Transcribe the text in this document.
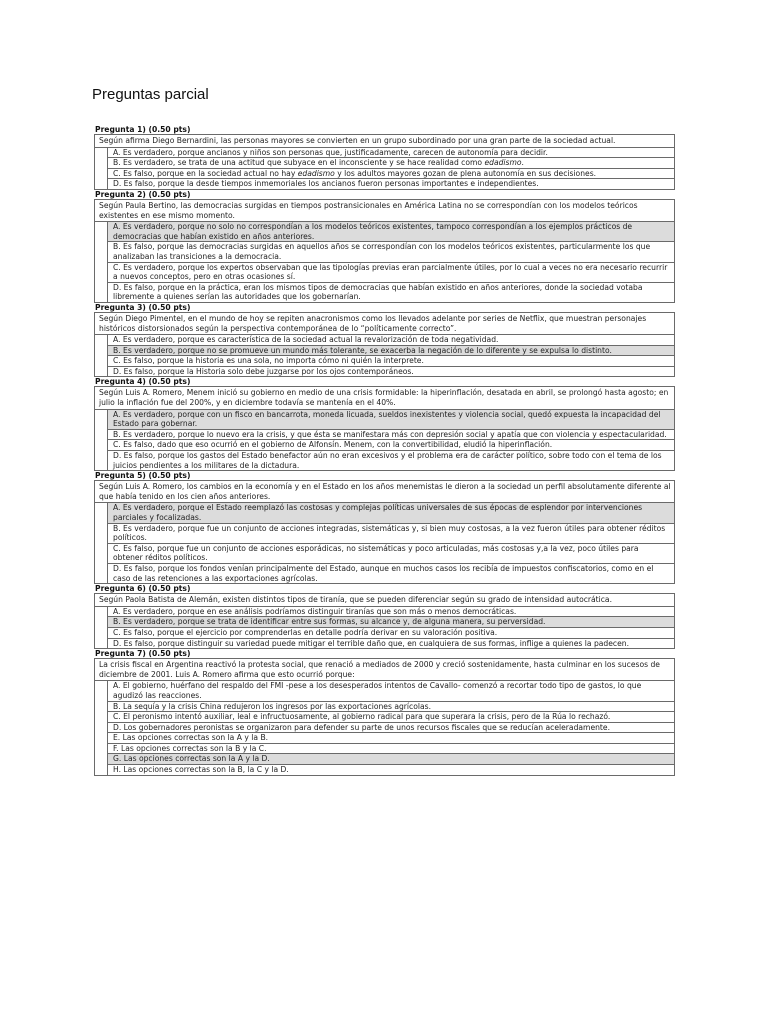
Preguntas parcial
Pregunta 1) (0.50 pts)
Según afirma Diego Bernardini, las personas mayores se convierten en un grupo subordinado por una gran parte de la sociedad actual.
A. Es verdadero, porque ancianos y niños son personas que, justificadamente, carecen de autonomía para decidir.
B. Es verdadero, se trata de una actitud que subyace en el inconsciente y se hace realidad como edadismo.
C. Es falso, porque en la sociedad actual no hay edadismo y los adultos mayores gozan de plena autonomía en sus decisiones.
D. Es falso, porque la desde tiempos inmemoriales los ancianos fueron personas importantes e independientes.
Pregunta 2) (0.50 pts)
Según Paula Bertino, las democracias surgidas en tiempos postransicionales en América Latina no se correspondían con los modelos teóricos existentes en ese mismo momento.
A. Es verdadero, porque no solo no correspondían a los modelos teóricos existentes, tampoco correspondían a los ejemplos prácticos de democracias que habían existido en años anteriores.
B. Es falso, porque las democracias surgidas en aquellos años se correspondían con los modelos teóricos existentes, particularmente los que analizaban las transiciones a la democracia.
C. Es verdadero, porque los expertos observaban que las tipologías previas eran parcialmente útiles, por lo cual a veces no era necesario recurrir a nuevos conceptos, pero en otras ocasiones sí.
D. Es falso, porque en la práctica, eran los mismos tipos de democracias que habían existido en años anteriores, donde la sociedad votaba libremente a quienes serían las autoridades que los gobernarían.
Pregunta 3) (0.50 pts)
Según Diego Pimentel, en el mundo de hoy se repiten anacronismos como los llevados adelante por series de Netflix, que muestran personajes históricos distorsionados según la perspectiva contemporánea de lo “políticamente correcto”.
A. Es verdadero, porque es característica de la sociedad actual la revalorización de toda negatividad.
B. Es verdadero, porque no se promueve un mundo más tolerante, se exacerba la negación de lo diferente y se expulsa lo distinto.
C. Es falso, porque la historia es una sola, no importa cómo ni quién la interprete.
D. Es falso, porque la Historia solo debe juzgarse por los ojos contemporáneos.
Pregunta 4) (0.50 pts)
Según Luis A. Romero, Menem inició su gobierno en medio de una crisis formidable: la hiperinflación, desatada en abril, se prolongó hasta agosto; en julio la inflación fue del 200%, y en diciembre todavía se mantenía en el 40%.
A. Es verdadero, porque con un fisco en bancarrota, moneda licuada, sueldos inexistentes y violencia social, quedó expuesta la incapacidad del Estado para gobernar.
B. Es verdadero, porque lo nuevo era la crisis, y que ésta se manifestara más con depresión social y apatía que con violencia y espectacularidad.
C. Es falso, dado que eso ocurrió en el gobierno de Alfonsín. Menem, con la convertibilidad, eludió la hiperinflación.
D. Es falso, porque los gastos del Estado benefactor aún no eran excesivos y el problema era de carácter político, sobre todo con el tema de los juicios pendientes a los militares de la dictadura.
Pregunta 5) (0.50 pts)
Según Luis A. Romero, los cambios en la economía y en el Estado en los años menemistas le dieron a la sociedad un perfil absolutamente diferente al que había tenido en los cien años anteriores.
A. Es verdadero, porque el Estado reemplazó las costosas y complejas políticas universales de sus épocas de esplendor por intervenciones parciales y focalizadas.
B. Es verdadero, porque fue un conjunto de acciones integradas, sistemáticas y, si bien muy costosas, a la vez fueron útiles para obtener réditos políticos.
C. Es falso, porque fue un conjunto de acciones esporádicas, no sistemáticas y poco articuladas, más costosas y,a la vez, poco útiles para obtener réditos políticos.
D. Es falso, porque los fondos venían principalmente del Estado, aunque en muchos casos los recibía de impuestos confiscatorios, como en el caso de las retenciones a las exportaciones agrícolas.
Pregunta 6) (0.50 pts)
Según Paola Batista de Alemán, existen distintos tipos de tiranía, que se pueden diferenciar según su grado de intensidad autocrática.
A. Es verdadero, porque en ese análisis podríamos distinguir tiranías que son más o menos democráticas.
B. Es verdadero, porque se trata de identificar entre sus formas, su alcance y, de alguna manera, su perversidad.
C. Es falso, porque el ejercicio por comprenderlas en detalle podría derivar en su valoración positiva.
D. Es falso, porque distinguir su variedad puede mitigar el terrible daño que, en cualquiera de sus formas, inflige a quienes la padecen.
Pregunta 7) (0.50 pts)
La crisis fiscal en Argentina reactivó la protesta social, que renació a mediados de 2000 y creció sostenidamente, hasta culminar en los sucesos de diciembre de 2001. Luis A. Romero afirma que esto ocurrió porque:
A. El gobierno, huérfano del respaldo del FMI -pese a los desesperados intentos de Cavallo- comenzó a recortar todo tipo de gastos, lo que agudizó las reacciones.
B. La sequía y la crisis China redujeron los ingresos por las exportaciones agrícolas.
C. El peronismo intentó auxiliar, leal e infructuosamente, al gobierno radical para que superara la crisis, pero de la Rúa lo rechazó.
D. Los gobernadores peronistas se organizaron para defender su parte de unos recursos fiscales que se reducían aceleradamente.
E. Las opciones correctas son la A y la B.
F. Las opciones correctas son la B y la C.
G. Las opciones correctas son la A y la D.
H. Las opciones correctas son la B, la C y la D.
